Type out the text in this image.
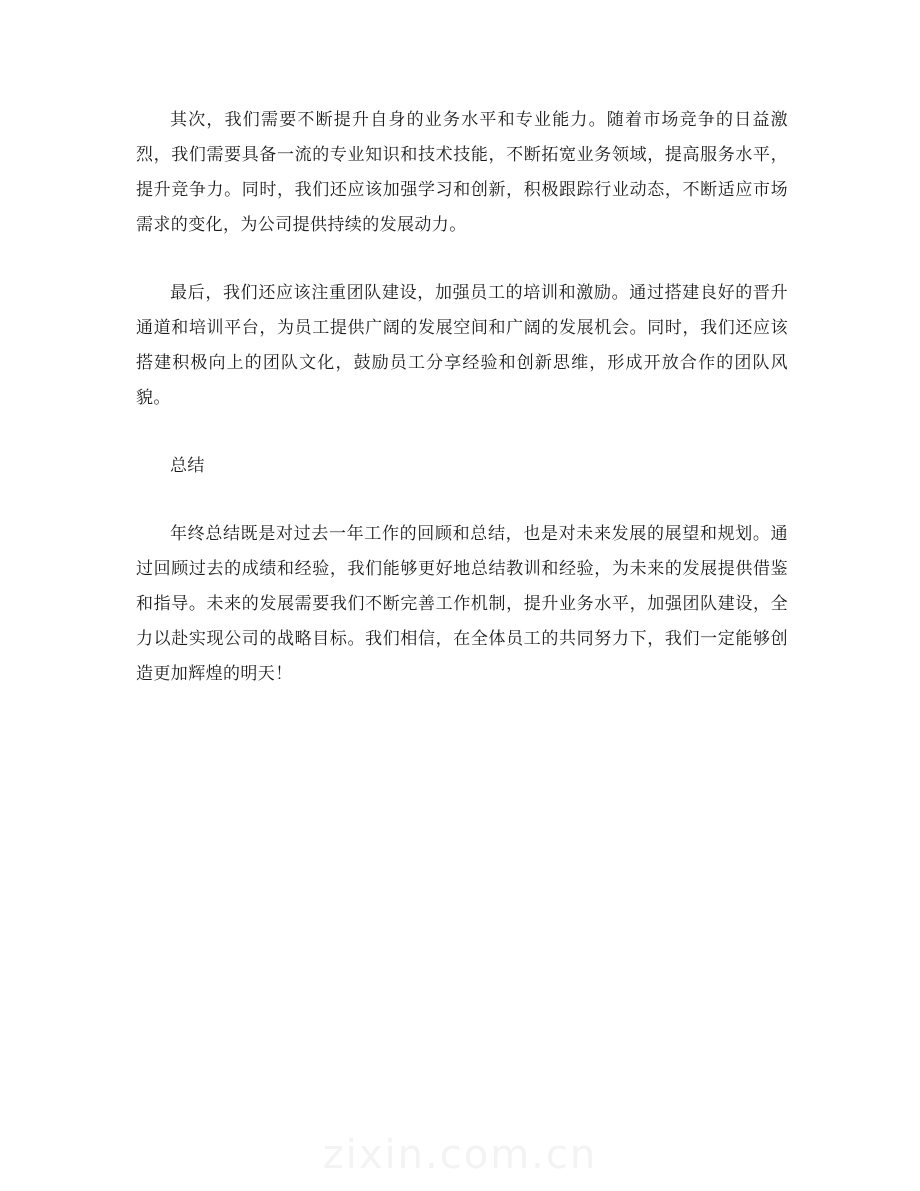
其次，我们需要不断提升自身的业务水平和专业能力。随着市场竞争的日益激烈，我们需要具备一流的专业知识和技术技能，不断拓宽业务领域，提高服务水平，提升竞争力。同时，我们还应该加强学习和创新，积极跟踪行业动态，不断适应市场需求的变化，为公司提供持续的发展动力。

最后，我们还应该注重团队建设，加强员工的培训和激励。通过搭建良好的晋升通道和培训平台，为员工提供广阔的发展空间和广阔的发展机会。同时，我们还应该搭建积极向上的团队文化，鼓励员工分享经验和创新思维，形成开放合作的团队风貌。

总结

年终总结既是对过去一年工作的回顾和总结，也是对未来发展的展望和规划。通过回顾过去的成绩和经验，我们能够更好地总结教训和经验，为未来的发展提供借鉴和指导。未来的发展需要我们不断完善工作机制，提升业务水平，加强团队建设，全力以赴实现公司的战略目标。我们相信，在全体员工的共同努力下，我们一定能够创造更加辉煌的明天！

zixin.com.cn
